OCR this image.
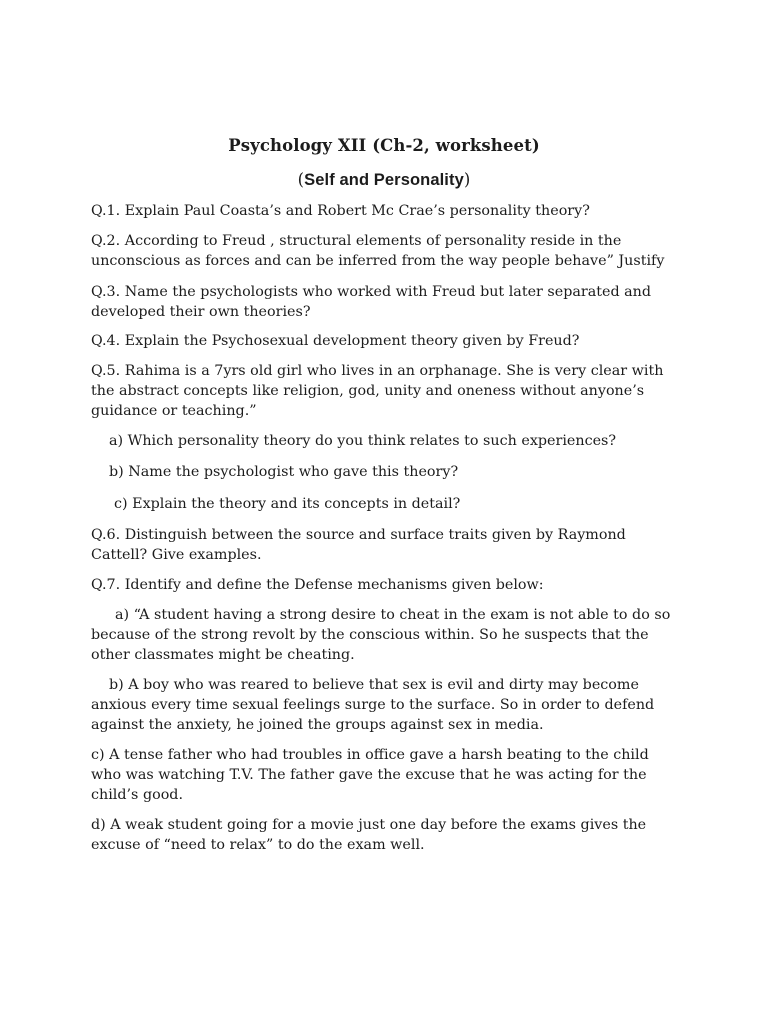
Psychology XII (Ch-2, worksheet)
(Self and Personality)
Q.1. Explain Paul Coasta’s and Robert Mc Crae’s personality theory?
Q.2. According to Freud , structural elements of personality reside in the
unconscious as forces and can be inferred from the way people behave” Justify
Q.3. Name the psychologists who worked with Freud but later separated and
developed their own theories?
Q.4. Explain the Psychosexual development theory given by Freud?
Q.5. Rahima is a 7yrs old girl who lives in an orphanage. She is very clear with
the abstract concepts like religion, god, unity and oneness without anyone’s
guidance or teaching.”
a) Which personality theory do you think relates to such experiences?
b) Name the psychologist who gave this theory?
c) Explain the theory and its concepts in detail?
Q.6. Distinguish between the source and surface traits given by Raymond
Cattell? Give examples.
Q.7. Identify and define the Defense mechanisms given below:
a) “A student having a strong desire to cheat in the exam is not able to do so
because of the strong revolt by the conscious within. So he suspects that the
other classmates might be cheating.
b) A boy who was reared to believe that sex is evil and dirty may become
anxious every time sexual feelings surge to the surface. So in order to defend
against the anxiety, he joined the groups against sex in media.
c) A tense father who had troubles in office gave a harsh beating to the child
who was watching T.V. The father gave the excuse that he was acting for the
child’s good.
d) A weak student going for a movie just one day before the exams gives the
excuse of “need to relax” to do the exam well.
